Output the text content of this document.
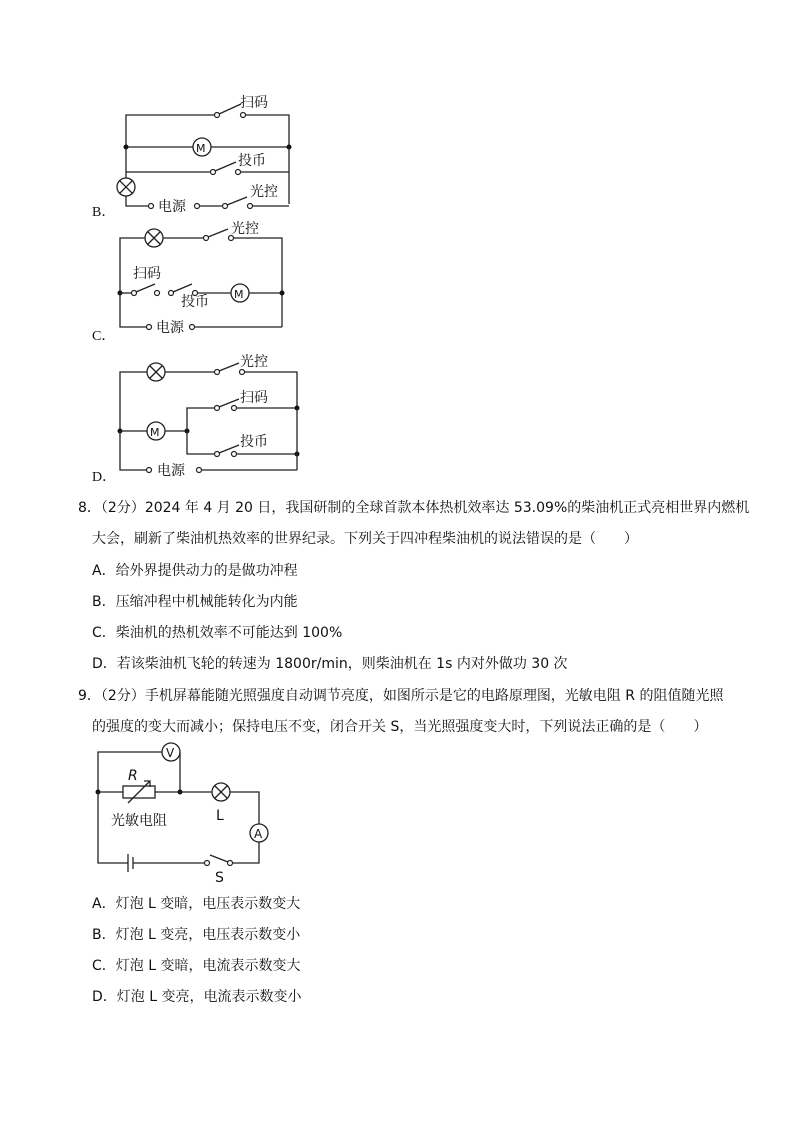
B．
扫码
M
投币
电源
光控
C．
光控
扫码
投币 M
电源
D．
光控
M
扫码
投币
电源
8．（2分）2024 年 4 月 20 日，我国研制的全球首款本体热机效率达 53.09%的柴油机正式亮相世界内燃机
大会，刷新了柴油机热效率的世界纪录。下列关于四冲程柴油机的说法错误的是（　　）
A．给外界提供动力的是做功冲程
B．压缩冲程中机械能转化为内能
C．柴油机的热机效率不可能达到 100%
D．若该柴油机飞轮的转速为 1800r/min，则柴油机在 1s 内对外做功 30 次
9．（2分）手机屏幕能随光照强度自动调节亮度，如图所示是它的电路原理图，光敏电阻 R 的阻值随光照
的强度的变大而减小；保持电压不变，闭合开关 S，当光照强度变大时，下列说法正确的是（　　）
V
R
光敏电阻	L
A
S
A．灯泡 L 变暗，电压表示数变大
B．灯泡 L 变亮，电压表示数变小
C．灯泡 L 变暗，电流表示数变大
D．灯泡 L 变亮，电流表示数变小
